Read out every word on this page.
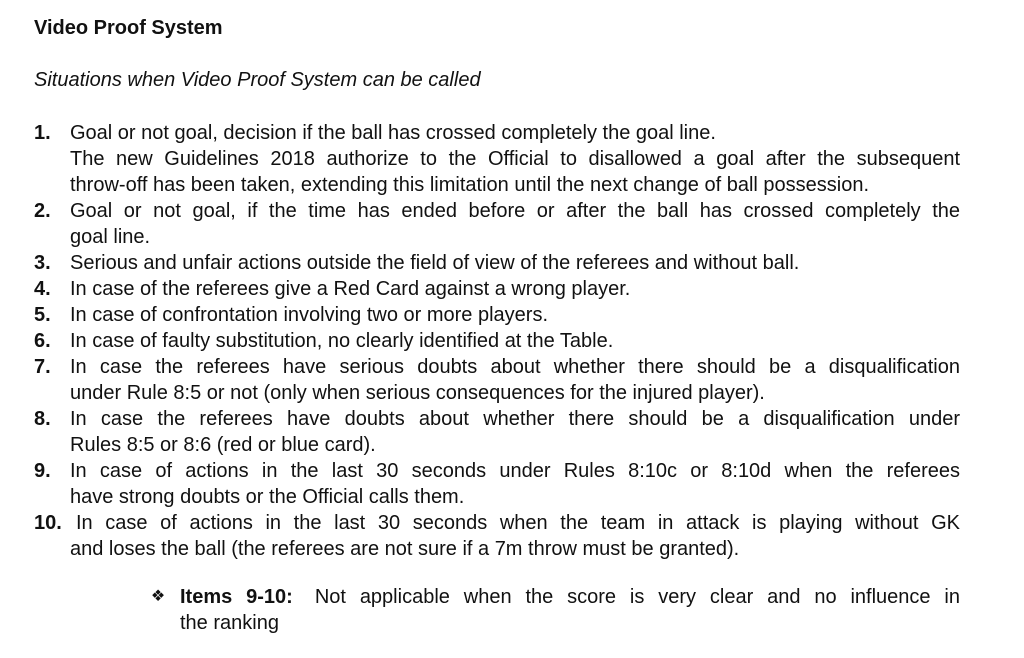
Video Proof System
Situations when Video Proof System can be called
1. Goal or not goal, decision if the ball has crossed completely the goal line.
The new Guidelines 2018 authorize to the Official to disallowed a goal after the subsequent
throw-off has been taken, extending this limitation until the next change of ball possession.
2. Goal or not goal, if the time has ended before or after the ball has crossed completely the
goal line.
3. Serious and unfair actions outside the field of view of the referees and without ball.
4. In case of the referees give a Red Card against a wrong player.
5. In case of confrontation involving two or more players.
6. In case of faulty substitution, no clearly identified at the Table.
7. In case the referees have serious doubts about whether there should be a disqualification
under Rule 8:5 or not (only when serious consequences for the injured player).
8. In case the referees have doubts about whether there should be a disqualification under
Rules 8:5 or 8:6 (red or blue card).
9. In case of actions in the last 30 seconds under Rules 8:10c or 8:10d when the referees
have strong doubts or the Official calls them.
10. In case of actions in the last 30 seconds when the team in attack is playing without GK
and loses the ball (the referees are not sure if a 7m throw must be granted).
❖ Items 9-10: Not applicable when the score is very clear and no influence in
the ranking
